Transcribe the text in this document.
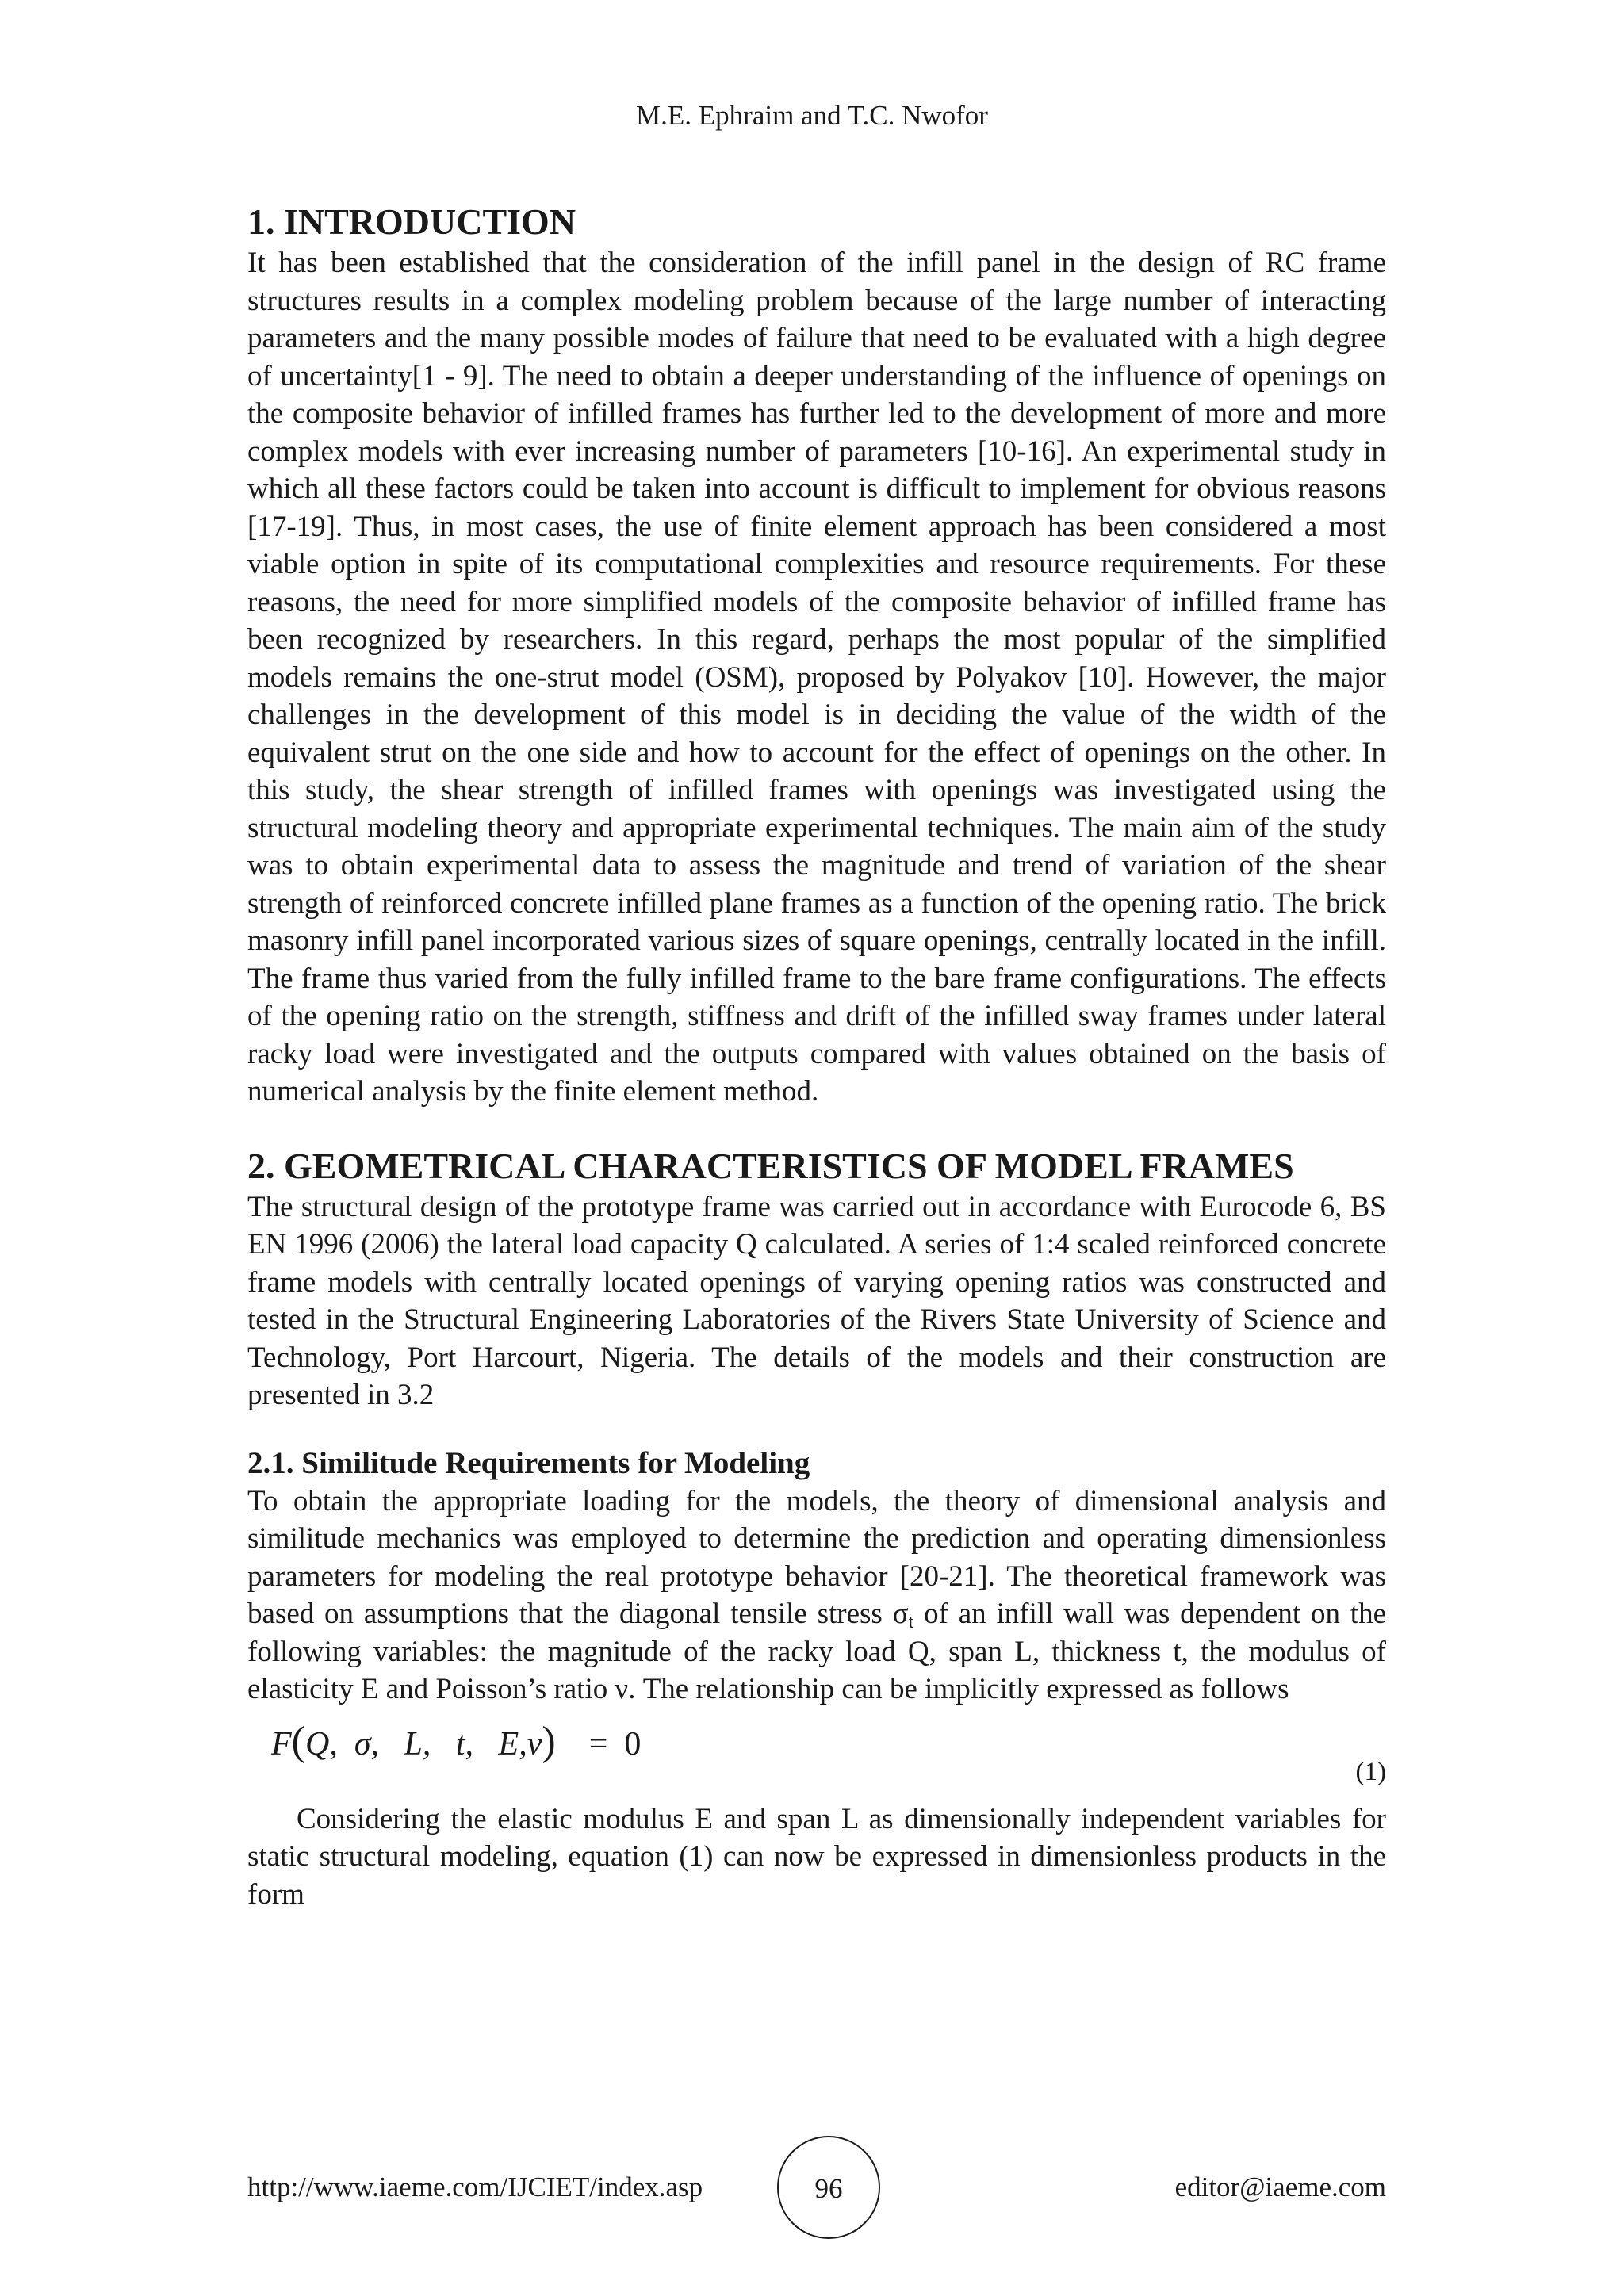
M.E. Ephraim and T.C. Nwofor
1. INTRODUCTION

It has been established that the consideration of the infill panel in the design of RC frame structures results in a complex modeling problem because of the large number of interacting parameters and the many possible modes of failure that need to be evaluated with a high degree of uncertainty[1 - 9]. The need to obtain a deeper understanding of the influence of openings on the composite behavior of infilled frames has further led to the development of more and more complex models with ever increasing number of parameters [10-16]. An experimental study in which all these factors could be taken into account is difficult to implement for obvious reasons [17-19]. Thus, in most cases, the use of finite element approach has been considered a most viable option in spite of its computational complexities and resource requirements. For these reasons, the need for more simplified models of the composite behavior of infilled frame has been recognized by researchers. In this regard, perhaps the most popular of the simplified models remains the one-strut model (OSM), proposed by Polyakov [10]. However, the major challenges in the development of this model is in deciding the value of the width of the equivalent strut on the one side and how to account for the effect of openings on the other. In this study, the shear strength of infilled frames with openings was investigated using the structural modeling theory and appropriate experimental techniques. The main aim of the study was to obtain experimental data to assess the magnitude and trend of variation of the shear strength of reinforced concrete infilled plane frames as a function of the opening ratio. The brick masonry infill panel incorporated various sizes of square openings, centrally located in the infill. The frame thus varied from the fully infilled frame to the bare frame configurations. The effects of the opening ratio on the strength, stiffness and drift of the infilled sway frames under lateral racky load were investigated and the outputs compared with values obtained on the basis of numerical analysis by the finite element method.

2. GEOMETRICAL CHARACTERISTICS OF MODEL FRAMES

The structural design of the prototype frame was carried out in accordance with Eurocode 6, BS EN 1996 (2006) the lateral load capacity Q calculated. A series of 1:4 scaled reinforced concrete frame models with centrally located openings of varying opening ratios was constructed and tested in the Structural Engineering Laboratories of the Rivers State University of Science and Technology, Port Harcourt, Nigeria. The details of the models and their construction are presented in 3.2

2.1. Similitude Requirements for Modeling

To obtain the appropriate loading for the models, the theory of dimensional analysis and similitude mechanics was employed to determine the prediction and operating dimensionless parameters for modeling the real prototype behavior [20-21]. The theoretical framework was based on assumptions that the diagonal tensile stress $\sigma_t$ of an infill wall was dependent on the following variables: the magnitude of the racky load Q, span L, thickness t, the modulus of elasticity E and Poisson’s ratio ν. The relationship can be implicitly expressed as follows

F(Q,  σ,   L,   t,   E,ν) =  0
(1)

Considering the elastic modulus E and span L as dimensionally independent variables for static structural modeling, equation (1) can now be expressed in dimensionless products in the form

http://www.iaeme.com/IJCIET/index.asp	96	editor@iaeme.com
